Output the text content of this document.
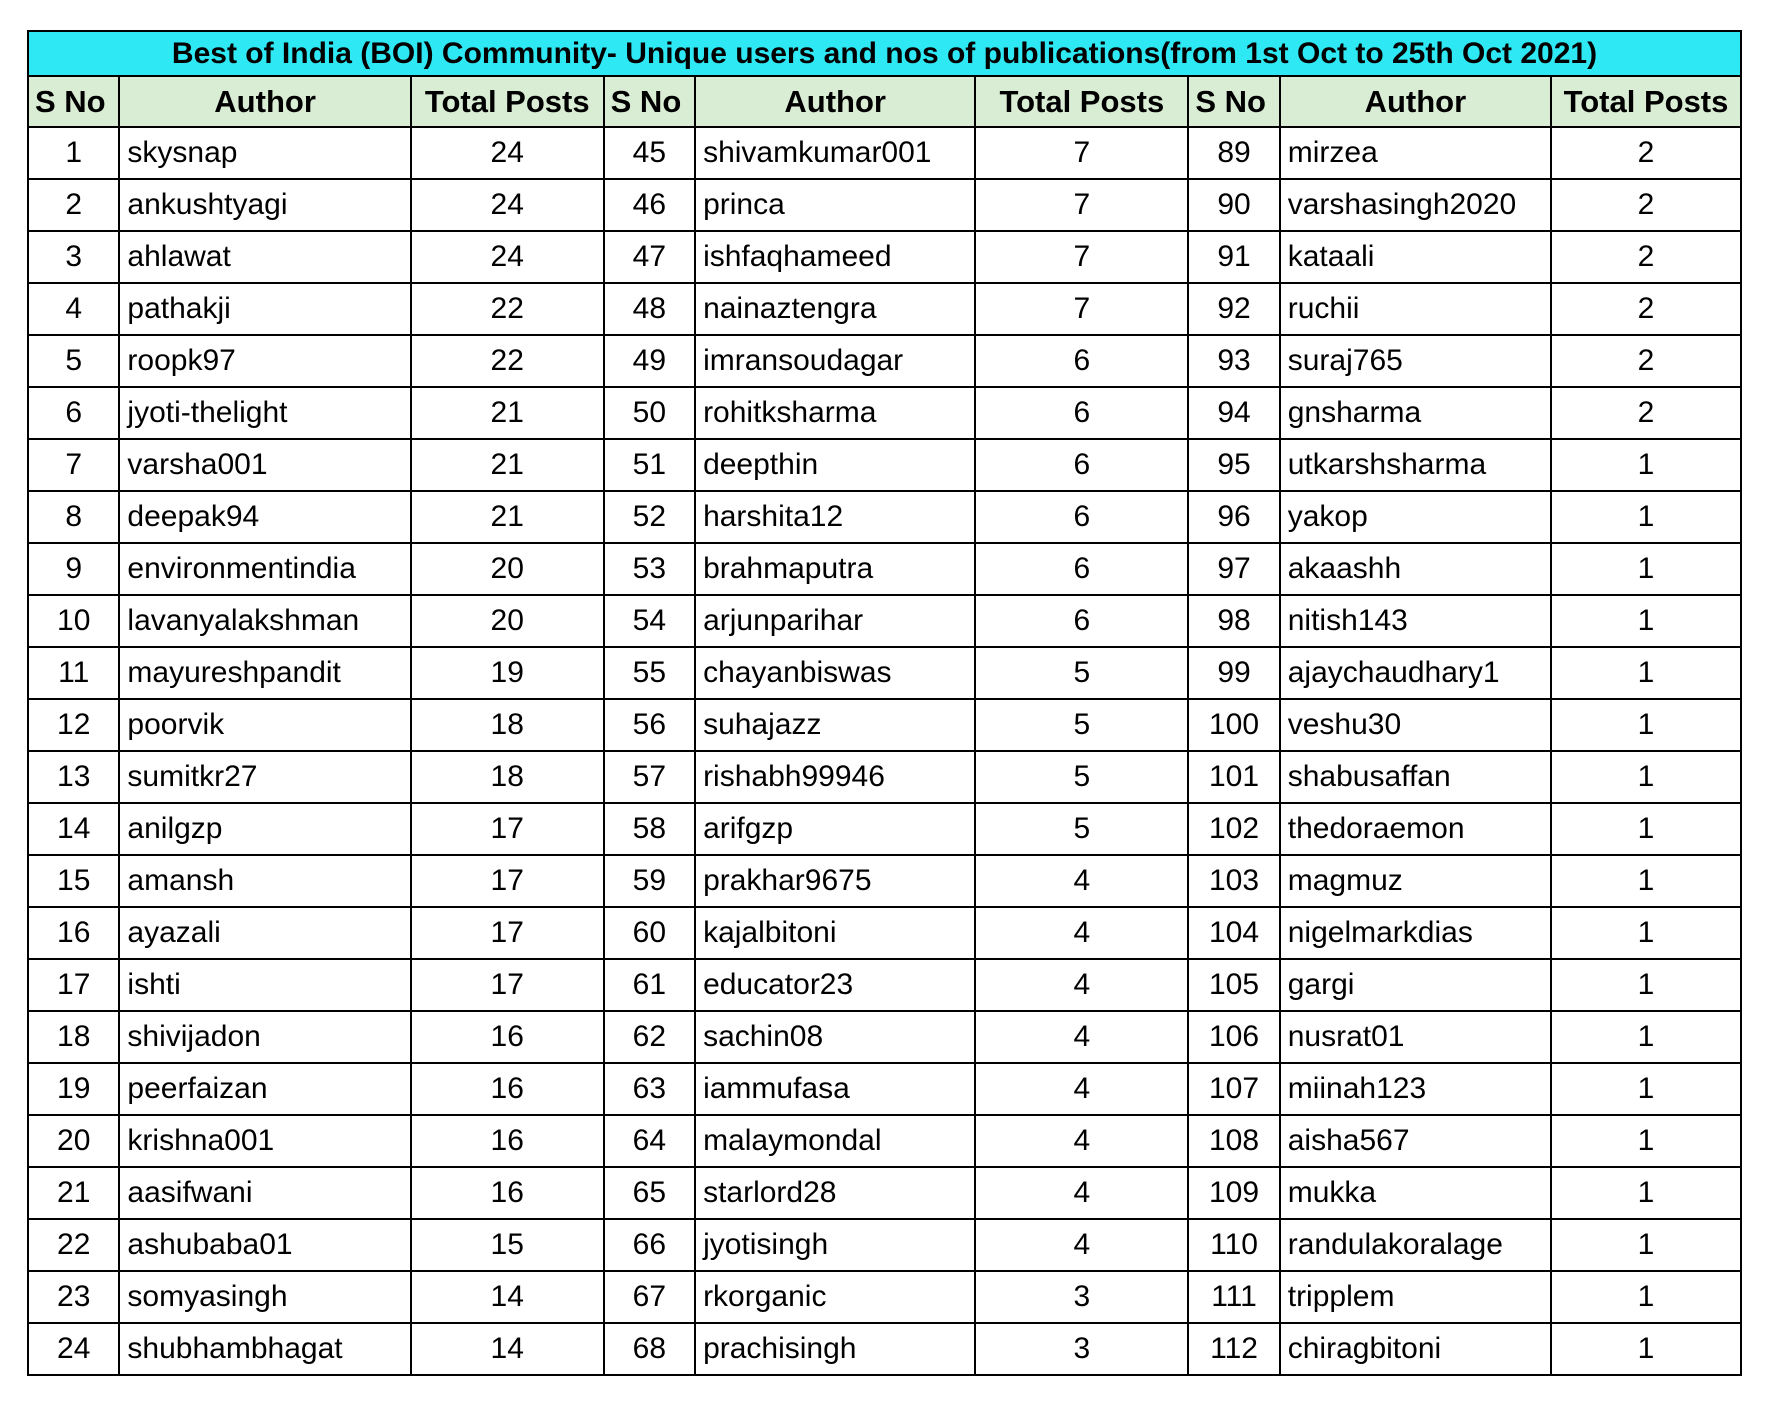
Best of India (BOI) Community- Unique users and nos of publications(from 1st Oct to 25th Oct 2021)								
S No	Author	Total Posts	S No	Author	Total Posts	S No	Author	Total Posts
1	skysnap	24	45	shivamkumar001	7	89	mirzea	2
2	ankushtyagi	24	46	princa	7	90	varshasingh2020	2
3	ahlawat	24	47	ishfaqhameed	7	91	kataali	2
4	pathakji	22	48	nainaztengra	7	92	ruchii	2
5	roopk97	22	49	imransoudagar	6	93	suraj765	2
6	jyoti-thelight	21	50	rohitksharma	6	94	gnsharma	2
7	varsha001	21	51	deepthin	6	95	utkarshsharma	1
8	deepak94	21	52	harshita12	6	96	yakop	1
9	environmentindia	20	53	brahmaputra	6	97	akaashh	1
10	lavanyalakshman	20	54	arjunparihar	6	98	nitish143	1
11	mayureshpandit	19	55	chayanbiswas	5	99	ajaychaudhary1	1
12	poorvik	18	56	suhajazz	5	100	veshu30	1
13	sumitkr27	18	57	rishabh99946	5	101	shabusaffan	1
14	anilgzp	17	58	arifgzp	5	102	thedoraemon	1
15	amansh	17	59	prakhar9675	4	103	magmuz	1
16	ayazali	17	60	kajalbitoni	4	104	nigelmarkdias	1
17	ishti	17	61	educator23	4	105	gargi	1
18	shivijadon	16	62	sachin08	4	106	nusrat01	1
19	peerfaizan	16	63	iammufasa	4	107	miinah123	1
20	krishna001	16	64	malaymondal	4	108	aisha567	1
21	aasifwani	16	65	starlord28	4	109	mukka	1
22	ashubaba01	15	66	jyotisingh	4	110	randulakoralage	1
23	somyasingh	14	67	rkorganic	3	111	tripplem	1
24	shubhambhagat	14	68	prachisingh	3	112	chiragbitoni	1
